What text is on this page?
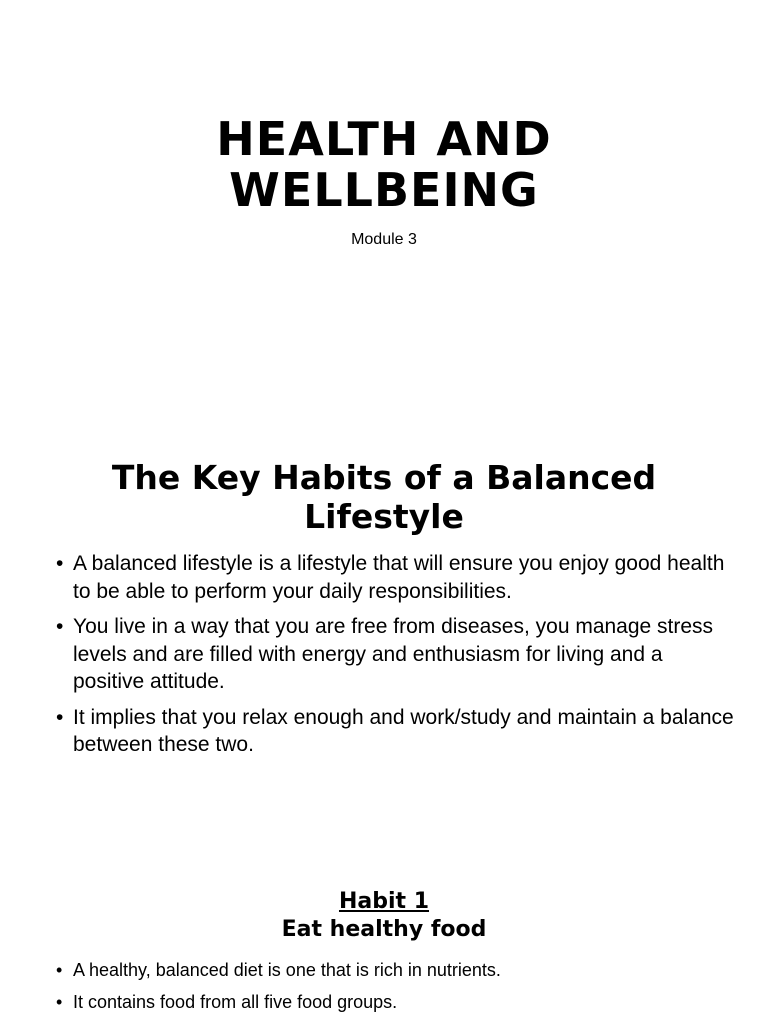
HEALTH AND
WELLBEING

Module 3

The Key Habits of a Balanced Lifestyle
• A balanced lifestyle is a lifestyle that will ensure you enjoy good health to be able to perform your daily responsibilities.
• You live in a way that you are free from diseases, you manage stress levels and are filled with energy and enthusiasm for living and a positive attitude.
• It implies that you relax enough and work/study and maintain a balance between these two.
Habit 1
Eat healthy food
• A healthy, balanced diet is one that is rich in nutrients.
• It contains food from all five food groups.
